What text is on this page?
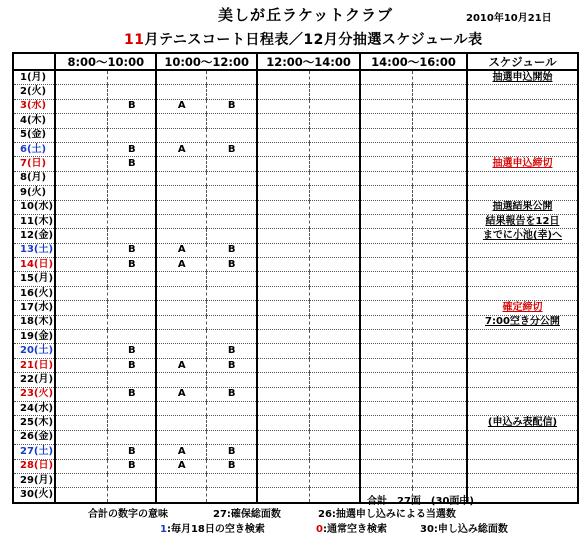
美しが丘ラケットクラブ	2010年10月21日
11月テニスコート日程表／12月分抽選スケジュール表
	8:00〜10:00		10:00〜12:00		12:00〜14:00		14:00〜16:00		スケジュール
1(月)									抽選申込開始
2(火)									
3(水)		B	A	B					
4(木)									
5(金)									
6(土)		B	A	B					
7(日)		B							抽選申込締切
8(月)									
9(火)									
10(水)									抽選結果公開
11(木)									結果報告を12日
12(金)									までに小池(幸)へ
13(土)		B	A	B					
14(日)		B	A	B					
15(月)									
16(火)									
17(水)									確定締切
18(木)									7:00空き分公開
19(金)									
20(土)		B		B					
21(日)		B	A	B					
22(月)									
23(火)		B	A	B					
24(水)									
25(木)									(申込み表配信)
26(金)									
27(土)		B	A	B					
28(日)		B	A	B					
29(月)									
30(火)									
合計　27面　(30面中)
合計の数字の意味	27:確保総面数	26:抽選申し込みによる当選数
1:毎月18日の空き検索	0:通常空き検索	30:申し込み総面数
